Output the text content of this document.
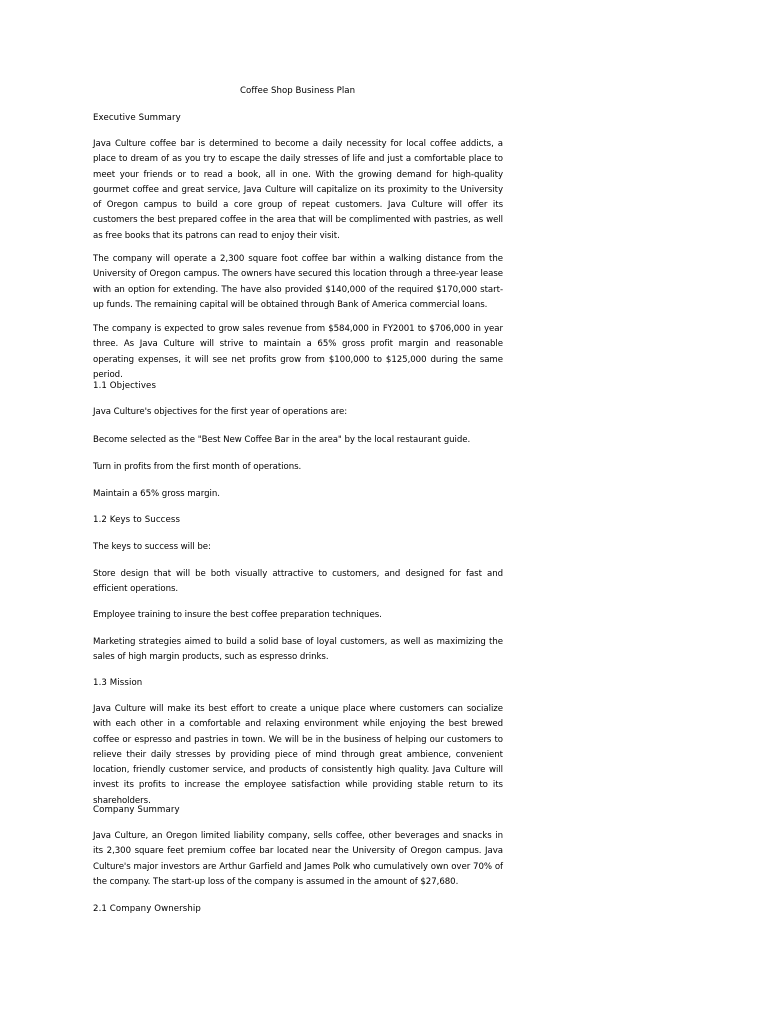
Coffee Shop Business Plan
Executive Summary
Java Culture coffee bar is determined to become a daily necessity for local coffee addicts, a place to dream of as you try to escape the daily stresses of life and just a comfortable place to meet your friends or to read a book, all in one. With the growing demand for high-quality gourmet coffee and great service, Java Culture will capitalize on its proximity to the University of Oregon campus to build a core group of repeat customers. Java Culture will offer its customers the best prepared coffee in the area that will be complimented with pastries, as well as free books that its patrons can read to enjoy their visit.
The company will operate a 2,300 square foot coffee bar within a walking distance from the University of Oregon campus. The owners have secured this location through a three-year lease with an option for extending. The have also provided $140,000 of the required $170,000 start-up funds. The remaining capital will be obtained through Bank of America commercial loans.
The company is expected to grow sales revenue from $584,000 in FY2001 to $706,000 in year three. As Java Culture will strive to maintain a 65% gross profit margin and reasonable operating expenses, it will see net profits grow from $100,000 to $125,000 during the same period.
1.1 Objectives
Java Culture's objectives for the first year of operations are:
Become selected as the "Best New Coffee Bar in the area" by the local restaurant guide.
Turn in profits from the first month of operations.
Maintain a 65% gross margin.
1.2 Keys to Success
The keys to success will be:
Store design that will be both visually attractive to customers, and designed for fast and efficient operations.
Employee training to insure the best coffee preparation techniques.
Marketing strategies aimed to build a solid base of loyal customers, as well as maximizing the sales of high margin products, such as espresso drinks.
1.3 Mission
Java Culture will make its best effort to create a unique place where customers can socialize with each other in a comfortable and relaxing environment while enjoying the best brewed coffee or espresso and pastries in town. We will be in the business of helping our customers to relieve their daily stresses by providing piece of mind through great ambience, convenient location, friendly customer service, and products of consistently high quality. Java Culture will invest its profits to increase the employee satisfaction while providing stable return to its shareholders.
Company Summary
Java Culture, an Oregon limited liability company, sells coffee, other beverages and snacks in its 2,300 square feet premium coffee bar located near the University of Oregon campus. Java Culture's major investors are Arthur Garfield and James Polk who cumulatively own over 70% of the company. The start-up loss of the company is assumed in the amount of $27,680.
2.1 Company Ownership
